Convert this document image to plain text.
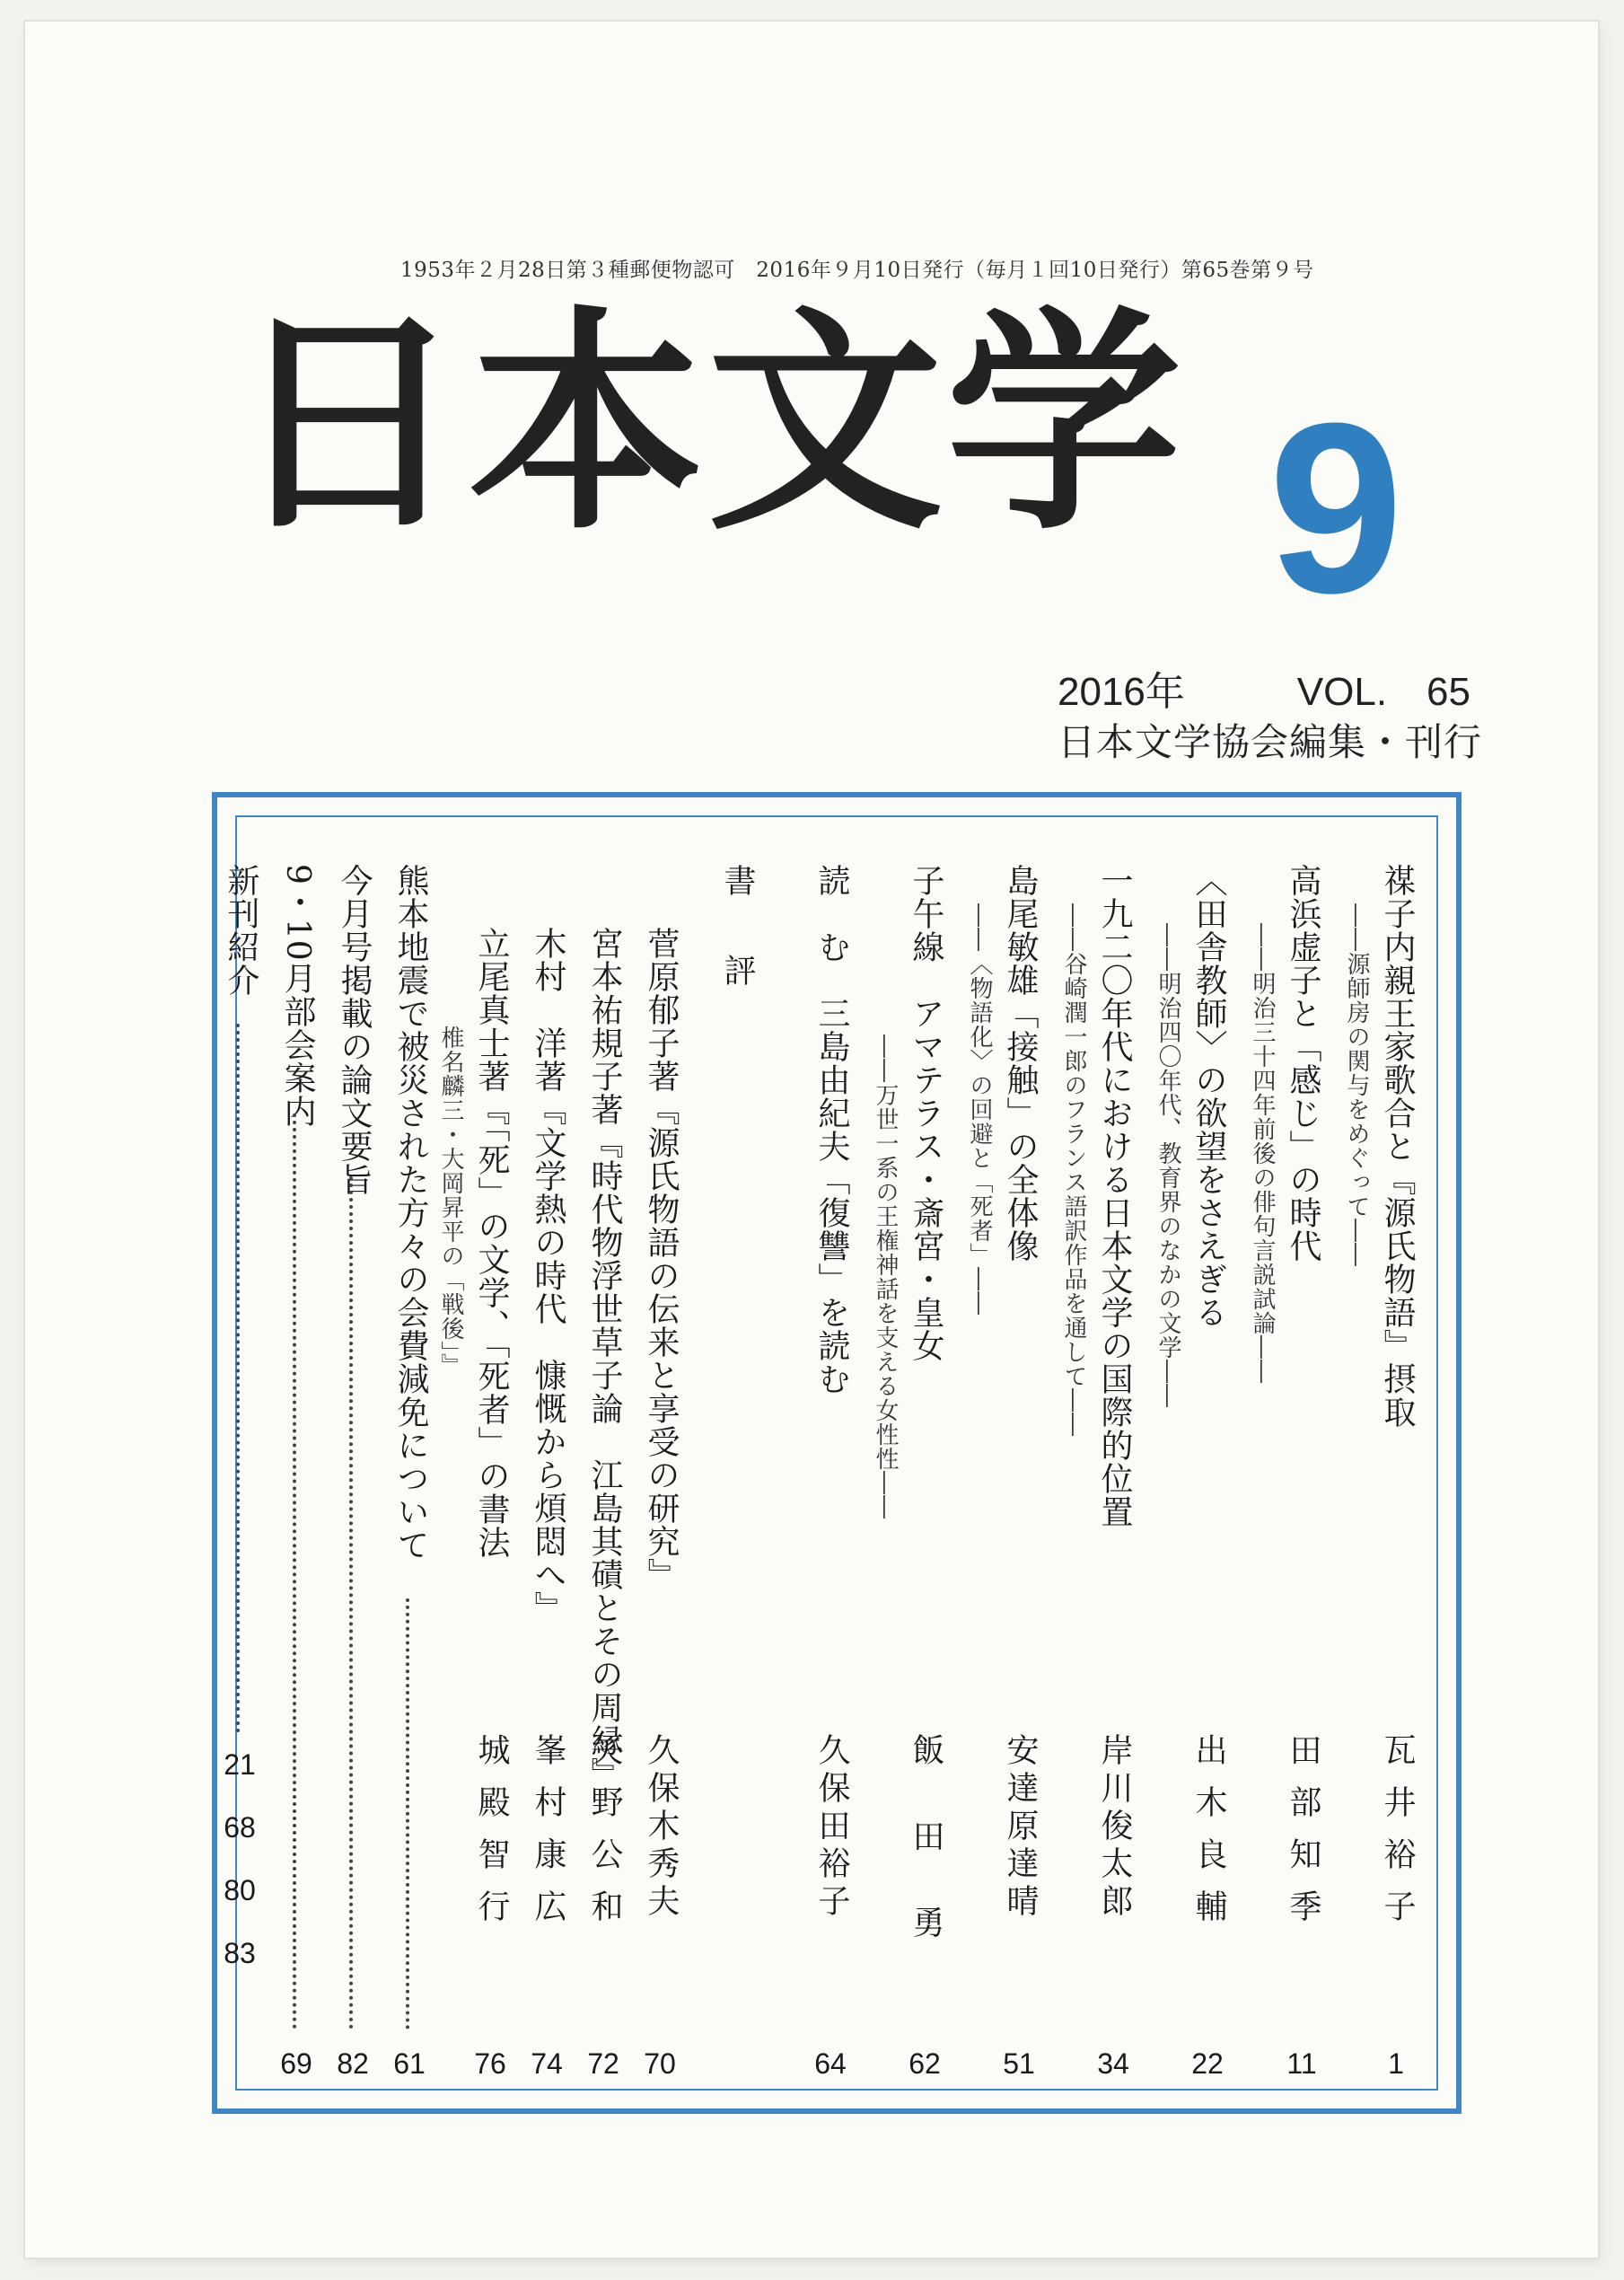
1953年２月28日第３種郵便物認可　2016年９月10日発行（毎月１回10日発行）第65巻第９号
日本文学 9
2016年	VOL.　65
日本文学協会編集・刊行
禖子内親王家歌合と『源氏物語』摂取
――源師房の関与をめぐって――
瓦井裕子
1
高浜虚子と「感じ」の時代
――明治三十四年前後の俳句言説試論――
田部知季
11
〈田舎教師〉の欲望をさえぎる
――明治四〇年代、教育界のなかの文学――
出木良輔
22
一九二〇年代における日本文学の国際的位置
――谷崎潤一郎のフランス語訳作品を通して――
岸川俊太郎
34
島尾敏雄「接触」の全体像
――〈物語化〉の回避と「死者」――
安達原達晴
51
子午線　アマテラス・斎宮・皇女
――万世一系の王権神話を支える女性性――
飯田勇
62
読　む　三島由紀夫「復讐」を読む
久保田裕子
64
書　評
菅原郁子著『源氏物語の伝来と享受の研究』
久保木秀夫
70
宮本祐規子著『時代物浮世草子論　江島其磧とその周縁』
矢野公和
72
木村　洋著『文学熱の時代　慷慨から煩悶へ』
峯村康広
74
立尾真士著『「死」の文学、「死者」の書法
椎名麟三・大岡昇平の「戦後」』
城殿智行
76
熊本地震で被災された方々の会費減免について
61
今月号掲載の論文要旨
82
9・10月部会案内
69
新刊紹介
21
68
80
83
